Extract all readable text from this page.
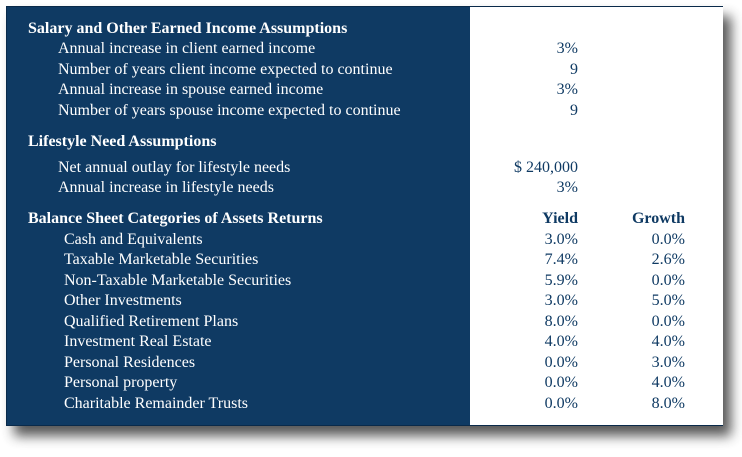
Salary and Other Earned Income Assumptions
Annual increase in client earned income	3%
Number of years client income expected to continue	9
Annual increase in spouse earned income	3%
Number of years spouse income expected to continue	9
Lifestyle Need Assumptions
Net annual outlay for lifestyle needs	$ 240,000
Annual increase in lifestyle needs	3%
Balance Sheet Categories of Assets Returns	Yield	Growth
Cash and Equivalents	3.0%	0.0%
Taxable Marketable Securities	7.4%	2.6%
Non-Taxable Marketable Securities	5.9%	0.0%
Other Investments	3.0%	5.0%
Qualified Retirement Plans	8.0%	0.0%
Investment Real Estate	4.0%	4.0%
Personal Residences	0.0%	3.0%
Personal property	0.0%	4.0%
Charitable Remainder Trusts	0.0%	8.0%
